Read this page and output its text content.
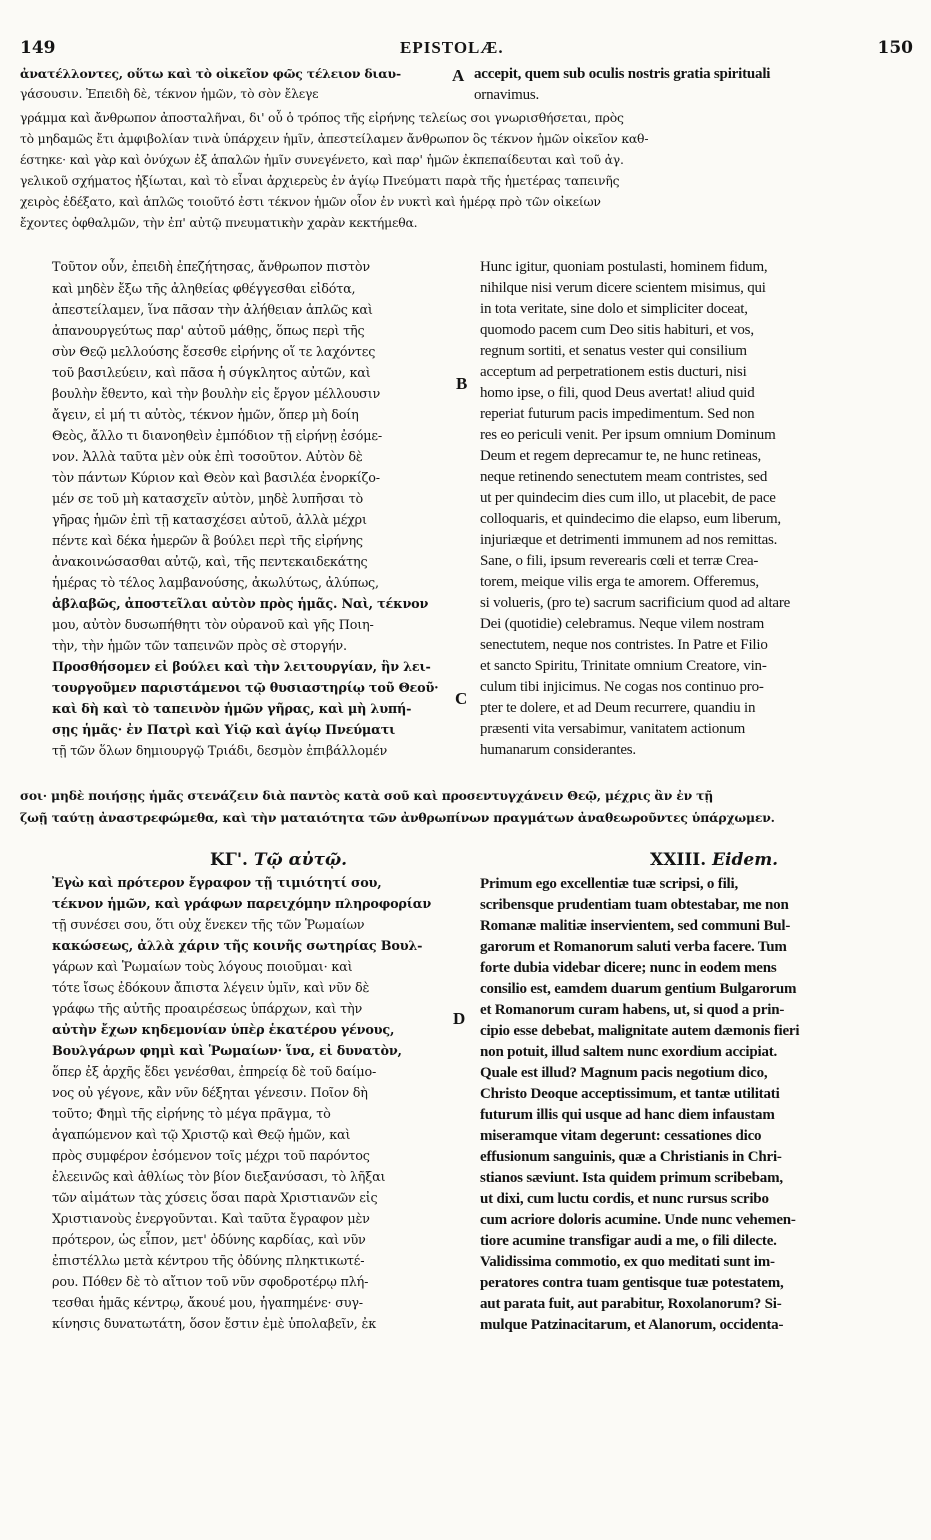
149	EPISTOLÆ.	150
ἀνατέλλοντες, οὕτω καὶ τὸ οἰκεῖον φῶς τέλειον διαυ-
γάσουσιν. Ἐπειδὴ δὲ, τέκνον ἡμῶν, τὸ σὸν ἔλεγε
γράμμα καὶ ἄνθρωπον ἀποσταλῆναι, δι' οὗ ὁ τρόπος τῆς εἰρήνης τελείως σοι γνωρισθήσεται, πρὸς
τὸ μηδαμῶς ἔτι ἀμφιβολίαν τινὰ ὑπάρχειν ἡμῖν, ἀπεστείλαμεν ἄνθρωπον ὃς τέκνον ἡμῶν οἰκεῖον καθ-
έστηκε· καὶ γὰρ καὶ ὀνύχων ἐξ ἁπαλῶν ἡμῖν συνεγένετο, καὶ παρ' ἡμῶν ἐκπεπαίδευται καὶ τοῦ ἀγ.
γελικοῦ σχήματος ἠξίωται, καὶ τὸ εἶναι ἀρχιερεὺς ἐν ἁγίῳ Πνεύματι παρὰ τῆς ἡμετέρας ταπεινῆς
χειρὸς ἐδέξατο, καὶ ἁπλῶς τοιοῦτό ἐστι τέκνον ἡμῶν οἷον ἐν νυκτὶ καὶ ἡμέρᾳ πρὸ τῶν οἰκείων
ἔχοντες ὀφθαλμῶν, τὴν ἐπ' αὐτῷ πνευματικὴν χαρὰν κεκτήμεθα.
A accepit, quem sub oculis nostris gratia spirituali
ornavimus.
Τοῦτον οὖν, ἐπειδὴ ἐπεζήτησας, ἄνθρωπον πιστὸν
καὶ μηδὲν ἔξω τῆς ἀληθείας φθέγγεσθαι εἰδότα,
ἀπεστείλαμεν, ἵνα πᾶσαν τὴν ἀλήθειαν ἁπλῶς καὶ
ἀπανουργεύτως παρ' αὐτοῦ μάθῃς, ὅπως περὶ τῆς
σὺν Θεῷ μελλούσης ἔσεσθε εἰρήνης οἵ τε λαχόντες
τοῦ βασιλεύειν, καὶ πᾶσα ἡ σύγκλητος αὐτῶν, καὶ
βουλὴν ἔθεντο, καὶ τὴν βουλὴν εἰς ἔργον μέλλουσιν
ἄγειν, εἰ μή τι αὐτὸς, τέκνον ἡμῶν, ὅπερ μὴ δοίη
Θεὸς, ἄλλο τι διανοηθεὶν ἐμπόδιον τῇ εἰρήνῃ ἐσόμε-
νον. Ἀλλὰ ταῦτα μὲν οὐκ ἐπὶ τοσοῦτον. Αὐτὸν δὲ
τὸν πάντων Κύριον καὶ Θεὸν καὶ βασιλέα ἐνορκίζο-
μέν σε τοῦ μὴ κατασχεῖν αὐτὸν, μηδὲ λυπῆσαι τὸ
γῆρας ἡμῶν ἐπὶ τῇ κατασχέσει αὐτοῦ, ἀλλὰ μέχρι
πέντε καὶ δέκα ἡμερῶν ἃ βούλει περὶ τῆς εἰρήνης
ἀνακοινώσασθαι αὐτῷ, καὶ, τῆς πεντεκαιδεκάτης
ἡμέρας τὸ τέλος λαμβανούσης, ἀκωλύτως, ἀλύπως,
ἀβλαβῶς, ἀποστεῖλαι αὐτὸν πρὸς ἡμᾶς. Ναὶ, τέκνον
μου, αὐτὸν δυσωπήθητι τὸν οὐρανοῦ καὶ γῆς Ποιη-
τὴν, τὴν ἡμῶν τῶν ταπεινῶν πρὸς σὲ στοργήν.
Προσθήσομεν εἰ βούλει καὶ τὴν λειτουργίαν, ἣν λει-
τουργοῦμεν παριστάμενοι τῷ θυσιαστηρίῳ τοῦ Θεοῦ·
καὶ δὴ καὶ τὸ ταπεινὸν ἡμῶν γῆρας, καὶ μὴ λυπή-
σῃς ἡμᾶς· ἐν Πατρὶ καὶ Υἱῷ καὶ ἁγίῳ Πνεύματι
τῇ τῶν ὅλων δημιουργῷ Τριάδι, δεσμὸν ἐπιβάλλομέν
B
C
Hunc igitur, quoniam postulasti, hominem fidum,
nihilque nisi verum dicere scientem misimus, qui
in tota veritate, sine dolo et simpliciter doceat,
quomodo pacem cum Deo sitis habituri, et vos,
regnum sortiti, et senatus vester qui consilium
acceptum ad perpetrationem estis ducturi, nisi
homo ipse, o fili, quod Deus avertat! aliud quid
reperiat futurum pacis impedimentum. Sed non
res eo periculi venit. Per ipsum omnium Dominum
Deum et regem deprecamur te, ne hunc retineas,
neque retinendo senectutem meam contristes, sed
ut per quindecim dies cum illo, ut placebit, de pace
colloquaris, et quindecimo die elapso, eum liberum,
injuriæque et detrimenti immunem ad nos remittas.
Sane, o fili, ipsum reverearis cœli et terræ Crea-
torem, meique vilis erga te amorem. Offeremus,
si volueris, (pro te) sacrum sacrificium quod ad altare
Dei (quotidie) celebramus. Neque vilem nostram
senectutem, neque nos contristes. In Patre et Filio
et sancto Spiritu, Trinitate omnium Creatore, vin-
culum tibi injicimus. Ne cogas nos continuo pro-
pter te dolere, et ad Deum recurrere, quandiu in
præsenti vita versabimur, vanitatem actionum
humanarum considerantes.
σοι· μηδὲ ποιήσῃς ἡμᾶς στενάζειν διὰ παντὸς κατὰ σοῦ καὶ προσεντυγχάνειν Θεῷ, μέχρις ἂν ἐν τῇ
ζωῇ ταύτῃ ἀναστρεφώμεθα, καὶ τὴν ματαιότητα τῶν ἀνθρωπίνων πραγμάτων ἀναθεωροῦντες ὑπάρχωμεν.
ΚΓ'. Τῷ αὐτῷ.	XXIII. Eidem.
Ἐγὼ καὶ πρότερον ἔγραφον τῇ τιμιότητί σου,
τέκνον ἡμῶν, καὶ γράφων παρειχόμην πληροφορίαν
τῇ συνέσει σου, ὅτι οὐχ ἕνεκεν τῆς τῶν Ῥωμαίων
κακώσεως, ἀλλὰ χάριν τῆς κοινῆς σωτηρίας Βουλ-
γάρων καὶ Ῥωμαίων τοὺς λόγους ποιοῦμαι· καὶ
τότε ἴσως ἐδόκουν ἄπιστα λέγειν ὑμῖν, καὶ νῦν δὲ
γράφω τῆς αὐτῆς προαιρέσεως ὑπάρχων, καὶ τὴν
αὐτὴν ἔχων κηδεμονίαν ὑπὲρ ἑκατέρου γένους,
Βουλγάρων φημὶ καὶ Ῥωμαίων· ἵνα, εἰ δυνατὸν,
ὅπερ ἐξ ἀρχῆς ἔδει γενέσθαι, ἐπηρείᾳ δὲ τοῦ δαίμο-
νος οὐ γέγονε, κἂν νῦν δέξηται γένεσιν. Ποῖον δὴ
τοῦτο; Φημὶ τῆς εἰρήνης τὸ μέγα πρᾶγμα, τὸ
ἀγαπώμενον καὶ τῷ Χριστῷ καὶ Θεῷ ἡμῶν, καὶ
πρὸς συμφέρον ἐσόμενον τοῖς μέχρι τοῦ παρόντος
ἐλεεινῶς καὶ ἀθλίως τὸν βίον διεξανύσασι, τὸ λῆξαι
τῶν αἱμάτων τὰς χύσεις ὅσαι παρὰ Χριστιανῶν εἰς
Χριστιανοὺς ἐνεργοῦνται. Καὶ ταῦτα ἔγραφον μὲν
πρότερον, ὡς εἶπον, μετ' ὀδύνης καρδίας, καὶ νῦν
ἐπιστέλλω μετὰ κέντρου τῆς ὀδύνης πληκτικωτέ-
ρου. Πόθεν δὲ τὸ αἴτιον τοῦ νῦν σφοδροτέρῳ πλή-
τεσθαι ἡμᾶς κέντρῳ, ἄκουέ μου, ἠγαπημένε· συγ-
κίνησις δυνατωτάτη, ὅσον ἔστιν ἐμὲ ὑπολαβεῖν, ἐκ
D
Primum ego excellentiæ tuæ scripsi, o fili,
scribensque prudentiam tuam obtestabar, me non
Romanæ malitiæ inservientem, sed communi Bul-
garorum et Romanorum saluti verba facere. Tum
forte dubia videbar dicere; nunc in eodem mens
consilio est, eamdem duarum gentium Bulgarorum
et Romanorum curam habens, ut, si quod a prin-
cipio esse debebat, malignitate autem dæmonis fieri
non potuit, illud saltem nunc exordium accipiat.
Quale est illud? Magnum pacis negotium dico,
Christo Deoque acceptissimum, et tantæ utilitati
futurum illis qui usque ad hanc diem infaustam
miseramque vitam degerunt: cessationes dico
effusionum sanguinis, quæ a Christianis in Chri-
stianos sæviunt. Ista quidem primum scribebam,
ut dixi, cum luctu cordis, et nunc rursus scribo
cum acriore doloris acumine. Unde nunc vehemen-
tiore acumine transfigar audi a me, o fili dilecte.
Validissima commotio, ex quo meditati sunt im-
peratores contra tuam gentisque tuæ potestatem,
aut parata fuit, aut parabitur, Roxolanorum? Si-
mulque Patzinacitarum, et Alanorum, occidenta-
